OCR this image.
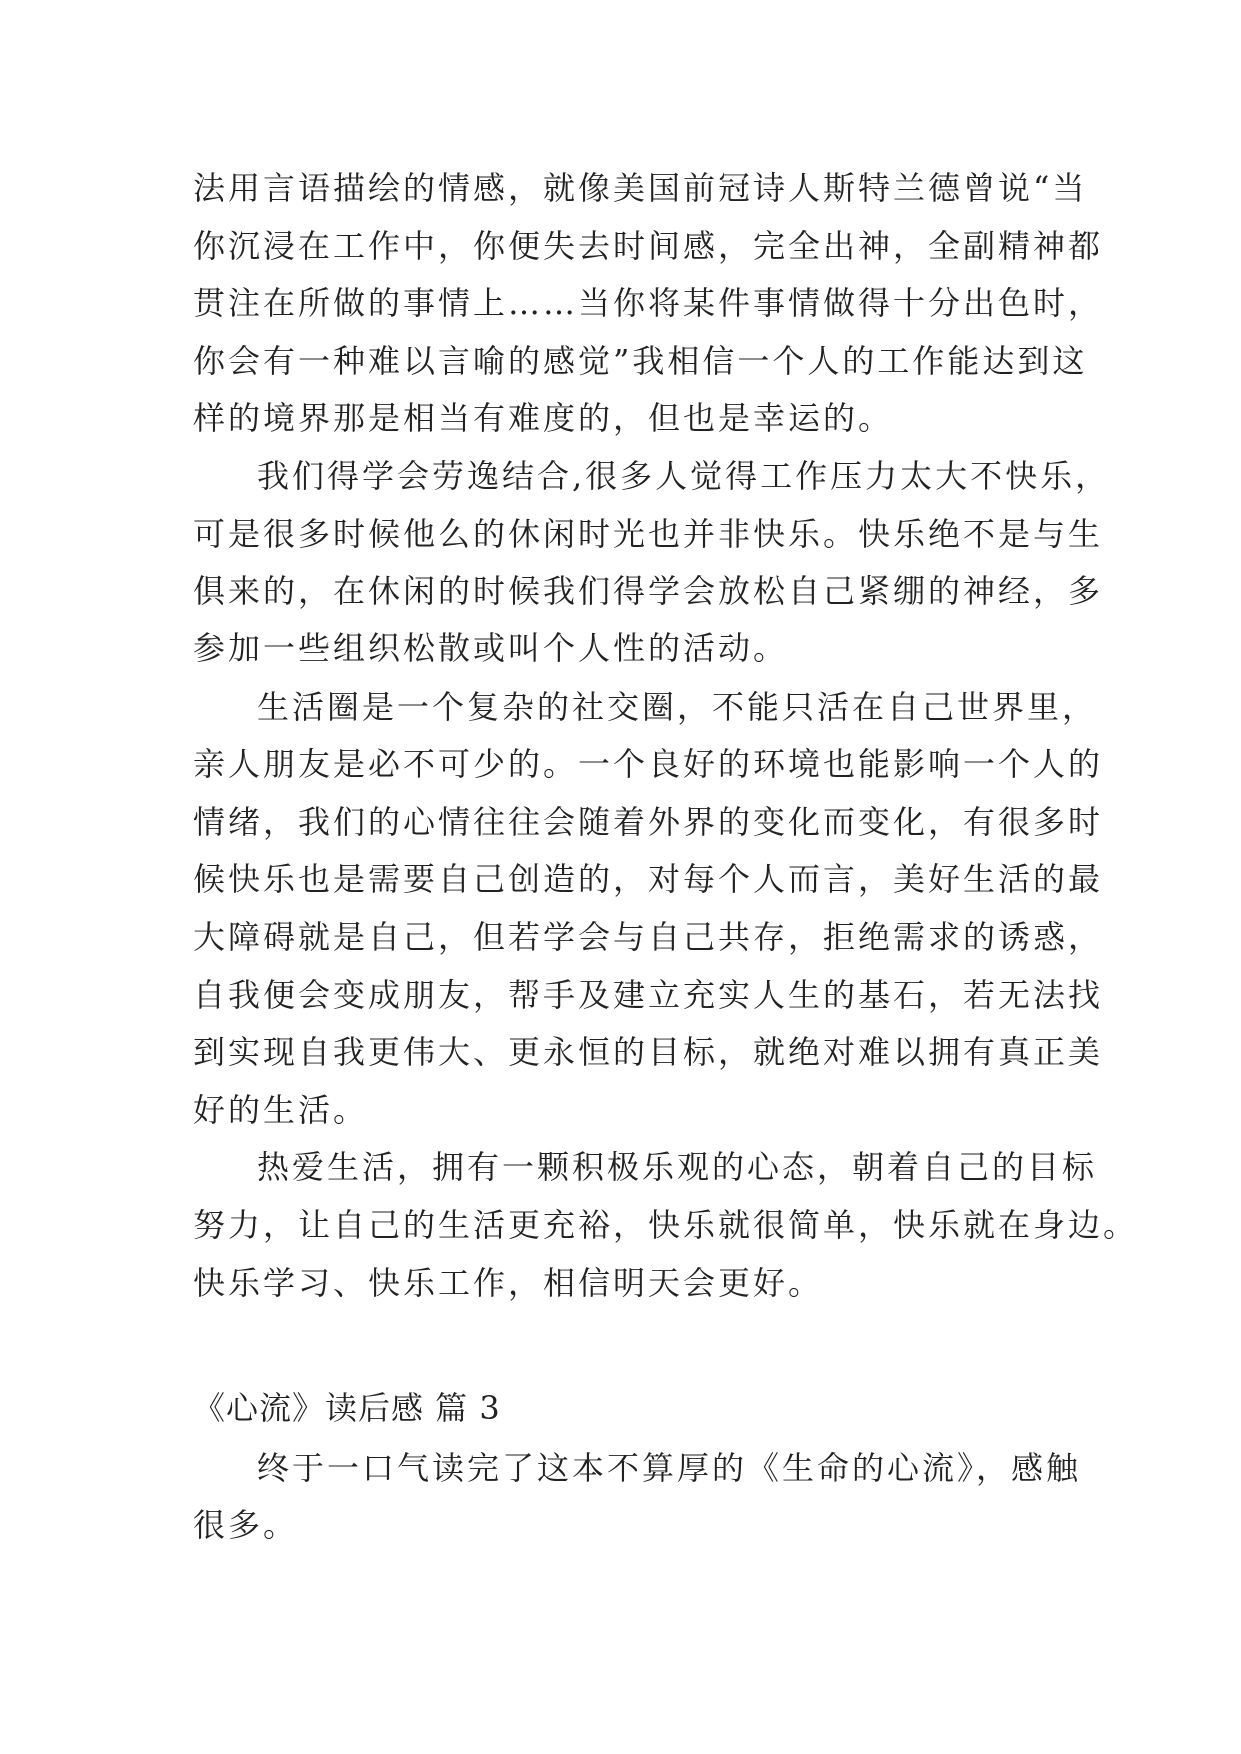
法用言语描绘的情感，就像美国前冠诗人斯特兰德曾说“当
你沉浸在工作中，你便失去时间感，完全出神，全副精神都
贯注在所做的事情上……当你将某件事情做得十分出色时，
你会有一种难以言喻的感觉”我相信一个人的工作能达到这
样的境界那是相当有难度的，但也是幸运的。
我们得学会劳逸结合,很多人觉得工作压力太大不快乐，
可是很多时候他么的休闲时光也并非快乐。快乐绝不是与生
俱来的，在休闲的时候我们得学会放松自己紧绷的神经，多
参加一些组织松散或叫个人性的活动。
生活圈是一个复杂的社交圈，不能只活在自己世界里，
亲人朋友是必不可少的。一个良好的环境也能影响一个人的
情绪，我们的心情往往会随着外界的变化而变化，有很多时
候快乐也是需要自己创造的，对每个人而言，美好生活的最
大障碍就是自己，但若学会与自己共存，拒绝需求的诱惑，
自我便会变成朋友，帮手及建立充实人生的基石，若无法找
到实现自我更伟大、更永恒的目标，就绝对难以拥有真正美
好的生活。
热爱生活，拥有一颗积极乐观的心态，朝着自己的目标
努力，让自己的生活更充裕，快乐就很简单，快乐就在身边。
快乐学习、快乐工作，相信明天会更好。
《心流》读后感 篇 3
终于一口气读完了这本不算厚的《生命的心流》，感触
很多。
